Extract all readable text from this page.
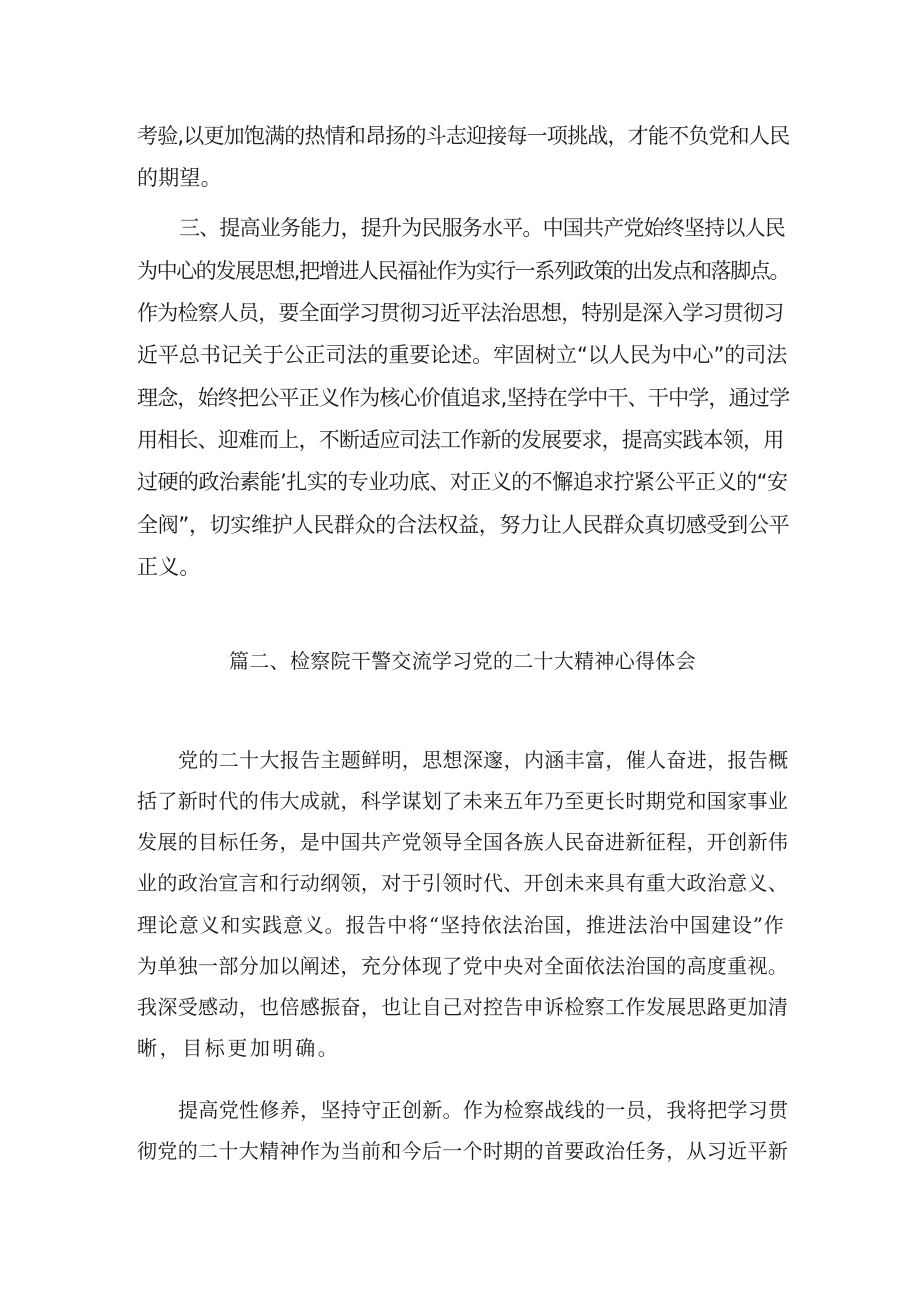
考验,以更加饱满的热情和昂扬的斗志迎接每一项挑战，才能不负党和人民

的期望。

三、提高业务能力，提升为民服务水平。中国共产党始终坚持以人民

为中心的发展思想,把增进人民福祉作为实行一系列政策的出发点和落脚点。

作为检察人员，要全面学习贯彻习近平法治思想，特别是深入学习贯彻习

近平总书记关于公正司法的重要论述。牢固树立“以人民为中心”的司法

理念，始终把公平正义作为核心价值追求,坚持在学中干、干中学，通过学

用相长、迎难而上，不断适应司法工作新的发展要求，提高实践本领，用

过硬的政治素能’扎实的专业功底、对正义的不懈追求拧紧公平正义的“安

全阀”，切实维护人民群众的合法权益，努力让人民群众真切感受到公平

正义。

篇二、检察院干警交流学习党的二十大精神心得体会

党的二十大报告主题鲜明，思想深邃，内涵丰富，催人奋进，报告概

括了新时代的伟大成就，科学谋划了未来五年乃至更长时期党和国家事业

发展的目标任务，是中国共产党领导全国各族人民奋进新征程，开创新伟

业的政治宣言和行动纲领，对于引领时代、开创未来具有重大政治意义、

理论意义和实践意义。报告中将“坚持依法治国，推进法治中国建设”作

为单独一部分加以阐述，充分体现了党中央对全面依法治国的高度重视。

我深受感动，也倍感振奋，也让自己对控告申诉检察工作发展思路更加清

晰，目标更加明确。

提高党性修养，坚持守正创新。作为检察战线的一员，我将把学习贯

彻党的二十大精神作为当前和今后一个时期的首要政治任务，从习近平新
